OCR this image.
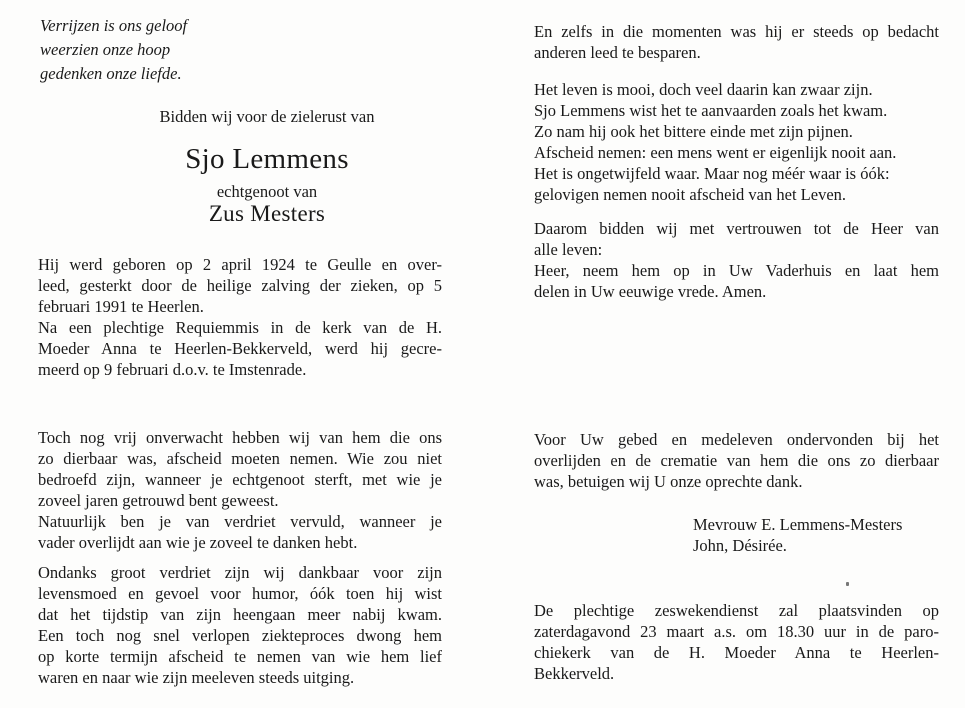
Verrijzen is ons geloof
weerzien onze hoop
gedenken onze liefde.
Bidden wij voor de zielerust van
Sjo Lemmens
echtgenoot van
Zus Mesters
Hij werd geboren op 2 april 1924 te Geulle en over-
leed, gesterkt door de heilige zalving der zieken, op 5
februari 1991 te Heerlen.
Na een plechtige Requiemmis in de kerk van de H.
Moeder Anna te Heerlen-Bekkerveld, werd hij gecre-
meerd op 9 februari d.o.v. te Imstenrade.
Toch nog vrij onverwacht hebben wij van hem die ons
zo dierbaar was, afscheid moeten nemen. Wie zou niet
bedroefd zijn, wanneer je echtgenoot sterft, met wie je
zoveel jaren getrouwd bent geweest.
Natuurlijk ben je van verdriet vervuld, wanneer je
vader overlijdt aan wie je zoveel te danken hebt.
Ondanks groot verdriet zijn wij dankbaar voor zijn
levensmoed en gevoel voor humor, óók toen hij wist
dat het tijdstip van zijn heengaan meer nabij kwam.
Een toch nog snel verlopen ziekteproces dwong hem
op korte termijn afscheid te nemen van wie hem lief
waren en naar wie zijn meeleven steeds uitging.
En zelfs in die momenten was hij er steeds op bedacht
anderen leed te besparen.
Het leven is mooi, doch veel daarin kan zwaar zijn.
Sjo Lemmens wist het te aanvaarden zoals het kwam.
Zo nam hij ook het bittere einde met zijn pijnen.
Afscheid nemen: een mens went er eigenlijk nooit aan.
Het is ongetwijfeld waar. Maar nog méér waar is óók:
gelovigen nemen nooit afscheid van het Leven.
Daarom bidden wij met vertrouwen tot de Heer van
alle leven:
Heer, neem hem op in Uw Vaderhuis en laat hem
delen in Uw eeuwige vrede. Amen.
Voor Uw gebed en medeleven ondervonden bij het
overlijden en de crematie van hem die ons zo dierbaar
was, betuigen wij U onze oprechte dank.
Mevrouw E. Lemmens-Mesters
John, Désirée.
De plechtige zeswekendienst zal plaatsvinden op
zaterdagavond 23 maart a.s. om 18.30 uur in de paro-
chiekerk van de H. Moeder Anna te Heerlen-
Bekkerveld.
